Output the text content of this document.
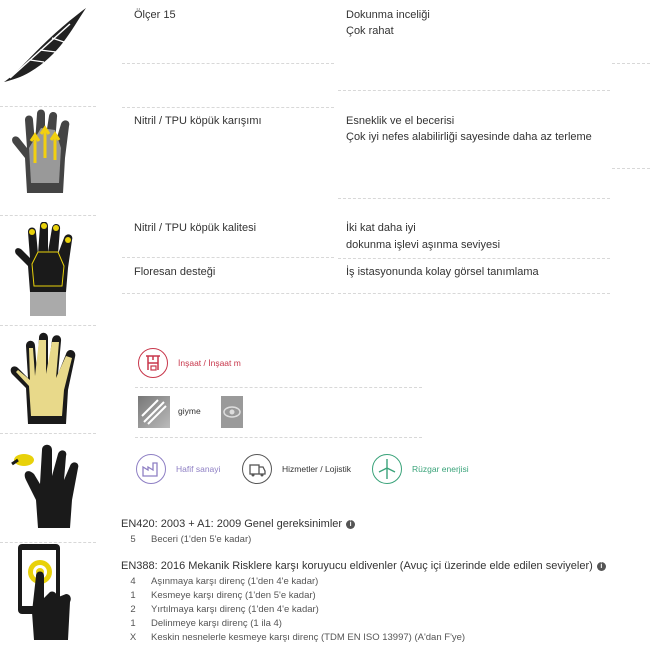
Ölçer 15	Dokunma inceliği
Çok rahat
Nitril / TPU köpük karışımı	Esneklik ve el becerisi
Çok iyi nefes alabilirliği sayesinde daha az terleme
Nitril / TPU köpük kalitesi	İki kat daha iyi
dokunma işlevi aşınma seviyesi
Floresan desteği	İş istasyonunda kolay görsel tanımlama
İnşaat / İnşaat m
giyme
Hafif sanayi	Hizmetler / Lojistik	Rüzgar enerjisi
EN420: 2003 + A1: 2009 Genel gereksinimler i
5	Beceri (1'den 5'e kadar)
EN388: 2016 Mekanik Risklere karşı koruyucu eldivenler (Avuç içi üzerinde elde edilen seviyeler) i
4	Aşınmaya karşı direnç (1'den 4'e kadar)
1	Kesmeye karşı direnç (1'den 5'e kadar)
2	Yırtılmaya karşı direnç (1'den 4'e kadar)
1	Delinmeye karşı direnç (1 ila 4)
X	Keskin nesnelerle kesmeye karşı direnç (TDM EN ISO 13997) (A'dan F'ye)
